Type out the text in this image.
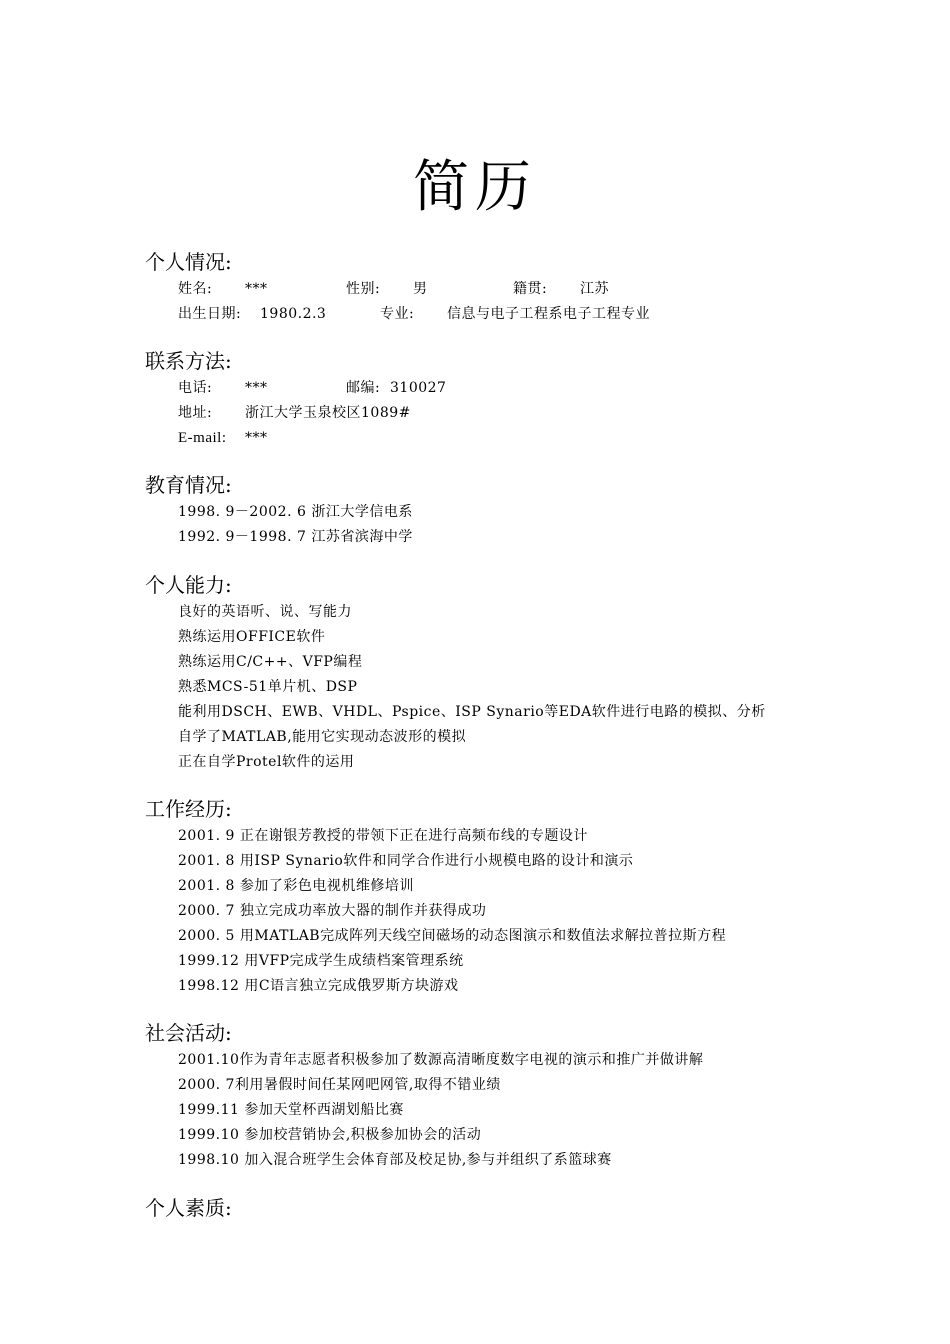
简历
个人情况:
姓名:	***	性别:	男	籍贯:	江苏
出生日期:	1980.2.3	专业:	信息与电子工程系电子工程专业
联系方法:
电话:	***	邮编: 310027
地址:	浙江大学玉泉校区1089#
E-mail:	***
教育情况:
1998. 9－2002. 6 浙江大学信电系
1992. 9－1998. 7 江苏省滨海中学
个人能力:
良好的英语听、说、写能力
熟练运用OFFICE软件
熟练运用C/C++、VFP编程
熟悉MCS-51单片机、DSP
能利用DSCH、EWB、VHDL、Pspice、ISP Synario等EDA软件进行电路的模拟、分析
自学了MATLAB,能用它实现动态波形的模拟
正在自学Protel软件的运用
工作经历:
2001. 9 正在谢银芳教授的带领下正在进行高频布线的专题设计
2001. 8 用ISP Synario软件和同学合作进行小规模电路的设计和演示
2001. 8 参加了彩色电视机维修培训
2000. 7 独立完成功率放大器的制作并获得成功
2000. 5 用MATLAB完成阵列天线空间磁场的动态图演示和数值法求解拉普拉斯方程
1999.12 用VFP完成学生成绩档案管理系统
1998.12 用C语言独立完成俄罗斯方块游戏
社会活动:
2001.10作为青年志愿者积极参加了数源高清晰度数字电视的演示和推广并做讲解
2000. 7利用暑假时间任某网吧网管,取得不错业绩
1999.11 参加天堂杯西湖划船比赛
1999.10 参加校营销协会,积极参加协会的活动
1998.10 加入混合班学生会体育部及校足协,参与并组织了系篮球赛
个人素质:
